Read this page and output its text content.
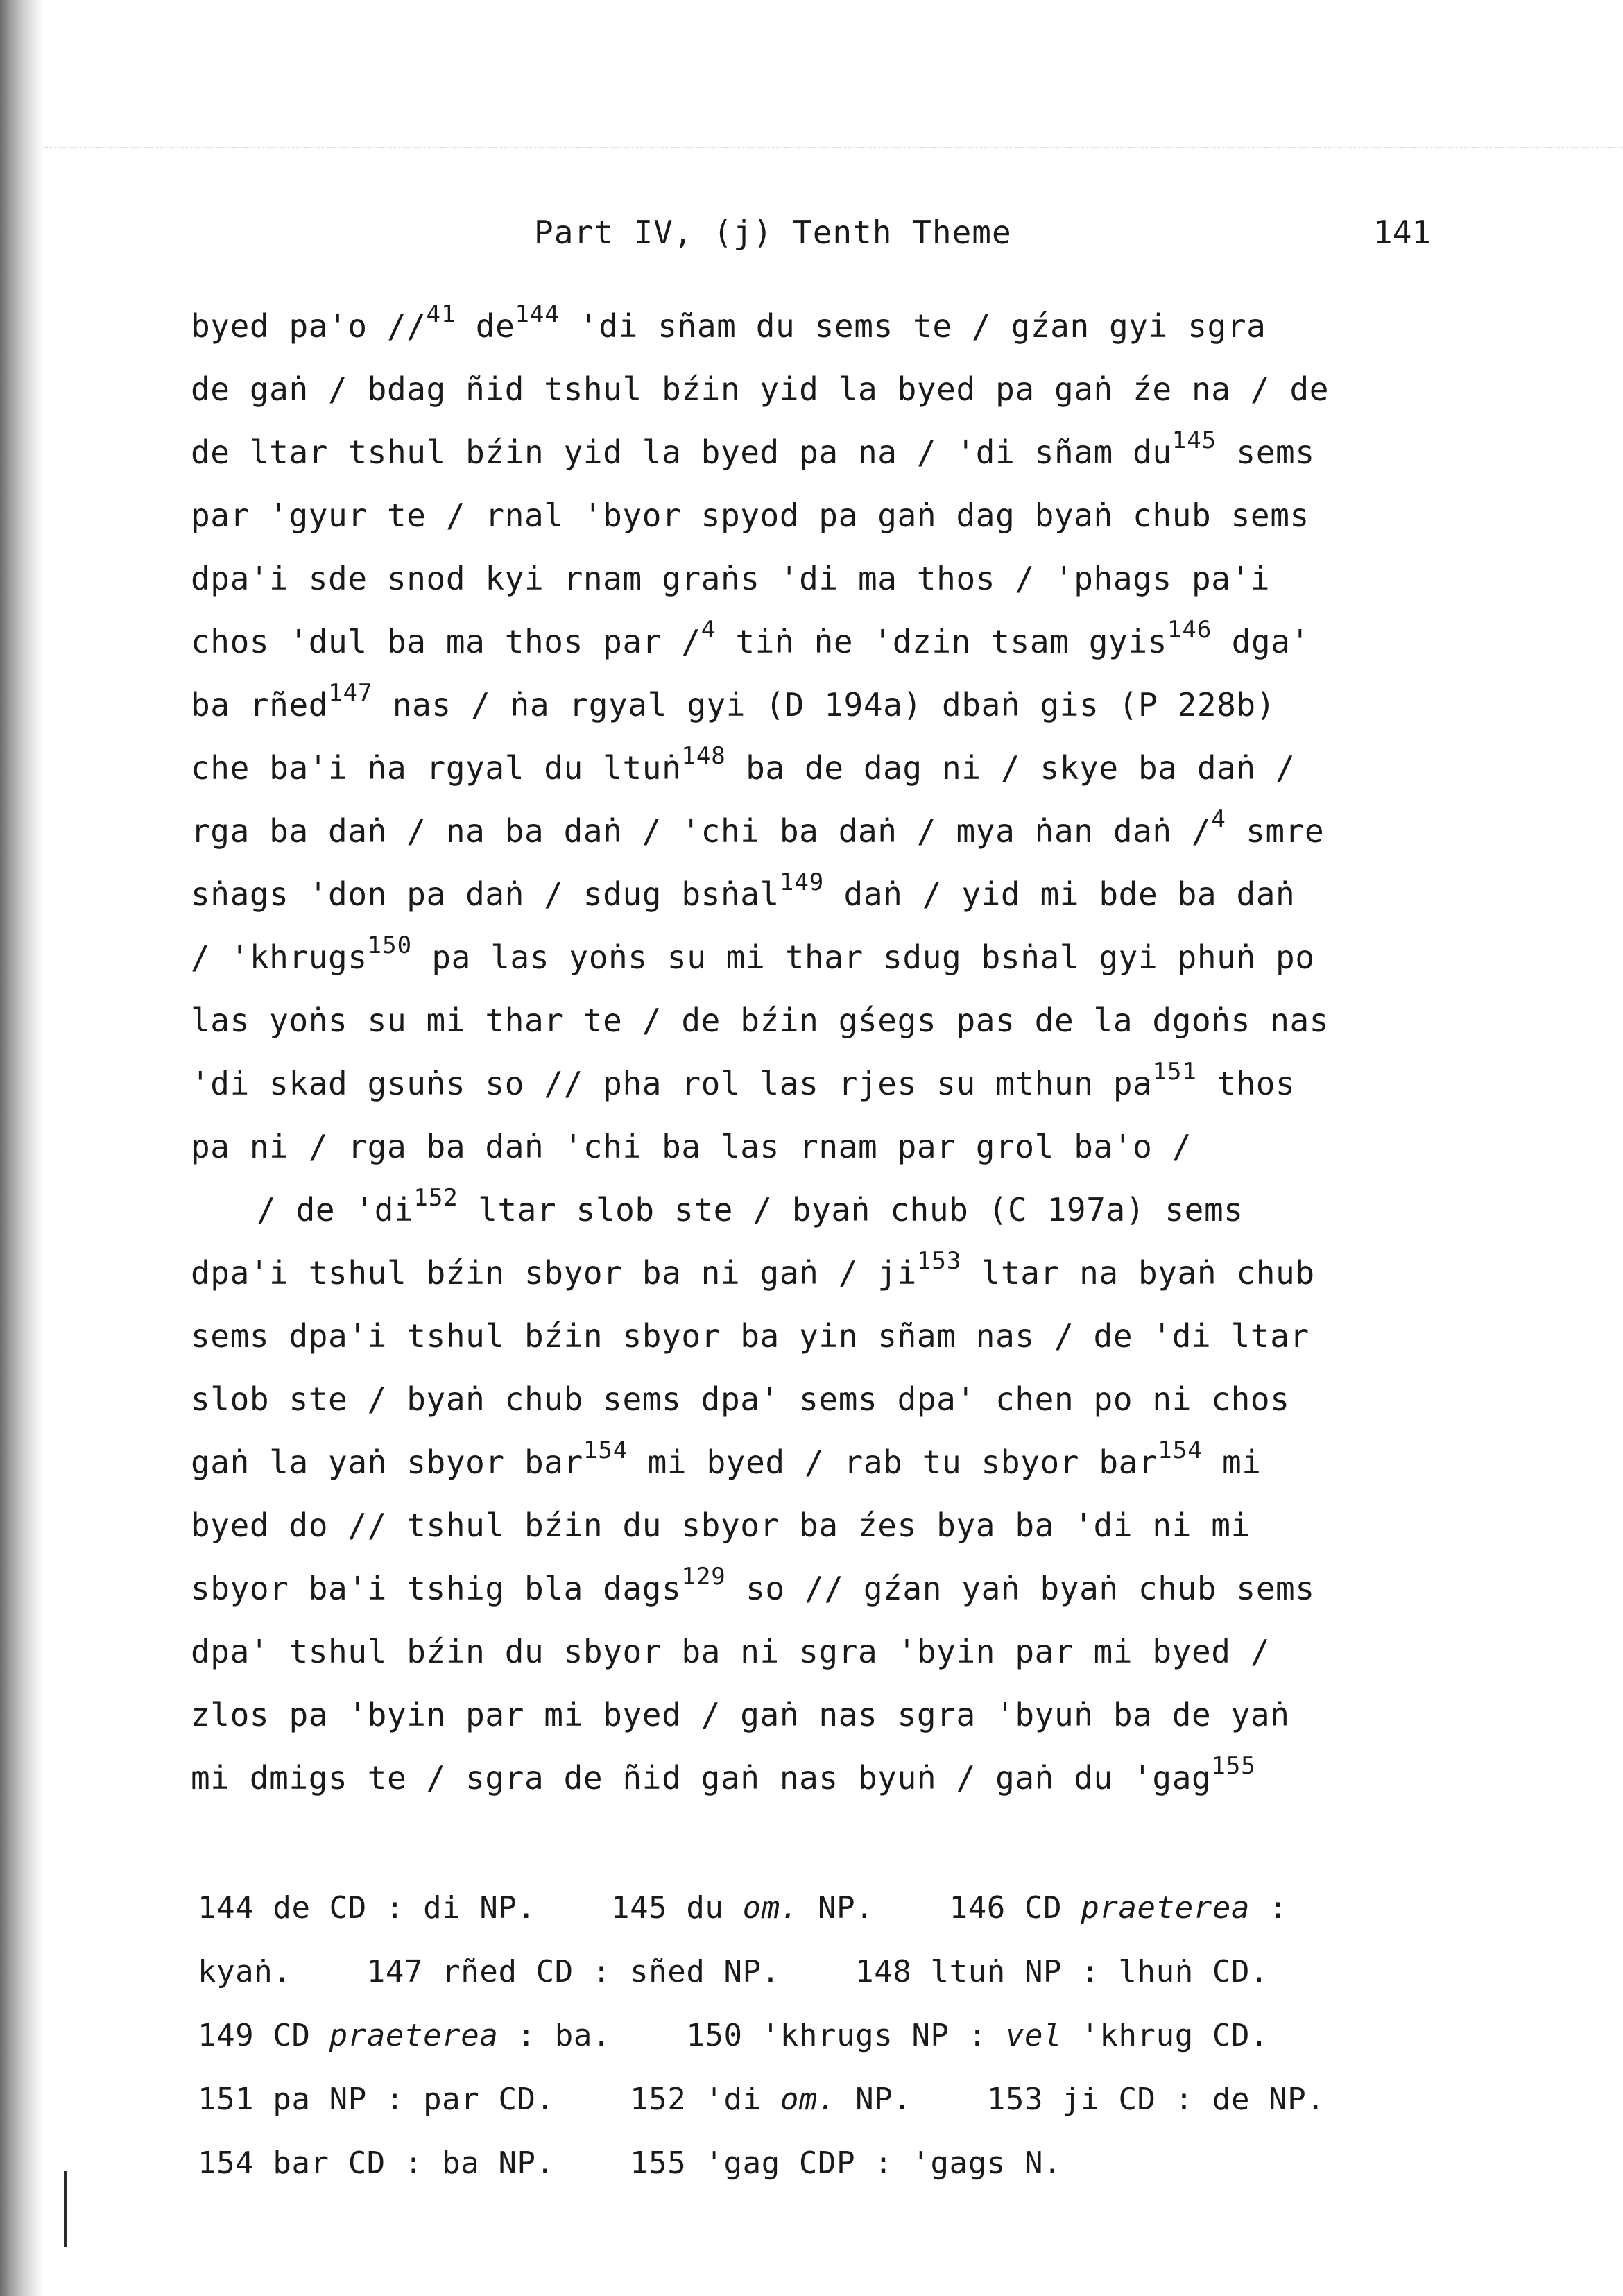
Part IV, (j) Tenth Theme	141
byed pa'o //$^{41}$ $de^{144}$ 'di sñam du sems te / gźan gyi sgra
de gaṅ / bdag ñid tshul bźin yid la byed pa gaṅ źe na / de
de ltar tshul bźin yid la byed pa na / 'di sñam $du^{145}$ sems
par 'gyur te / rnal 'byor spyod pa gaṅ dag byaṅ chub sems
dpa'i sde snod kyi rnam graṅs 'di ma thos / 'phags pa'i
chos 'dul ba ma thos par /$^4$ tiṅ ṅe 'dzin tsam gyis$^{146}$ dga'
ba rñed$^{147}$ nas / ṅa rgyal gyi (D 194a) dbaṅ gis (P 228b)
che ba'i ṅa rgyal du ltuṅ$^{148}$ ba de dag ni / skye ba daṅ /
rga ba daṅ / na ba daṅ / 'chi ba daṅ / mya ṅan daṅ /$^4$ smre
sṅags 'don pa daṅ / sdug bsṅal$^{149}$ daṅ / yid mi bde ba daṅ
/ 'khrugs$^{150}$ pa las yoṅs su mi thar sdug bsṅal gyi phuṅ po
las yoṅs su mi thar te / de bźin gśegs pas de la dgoṅs nas
'di skad gsuṅs so // pha rol las rjes su mthun $pa^{151}$ thos
pa ni / rga ba daṅ 'chi ba las rnam par grol ba'o /
/ de '$di^{152}$ ltar slob ste / byaṅ chub (C 197a) sems
dpa'i tshul bźin sbyor ba ni gaṅ / $ji^{153}$ ltar na byaṅ chub
sems dpa'i tshul bźin sbyor ba yin sñam nas / de 'di ltar
slob ste / byaṅ chub sems dpa' sems dpa' chen po ni chos
gaṅ la yaṅ sbyor bar$^{154}$ mi byed / rab tu sbyor bar$^{154}$ mi
byed do // tshul bźin du sbyor ba źes bya ba 'di ni mi
sbyor ba'i tshig bla dags$^{129}$ so // gźan yaṅ byaṅ chub sems
dpa' tshul bźin du sbyor ba ni sgra 'byin par mi byed /
zlos pa 'byin par mi byed / gaṅ nas sgra 'byuṅ ba de yaṅ
mi dmigs te / sgra de ñid gaṅ nas byuṅ / gaṅ du 'gag$^{155}$
144 de CD : di NP.    145 du om. NP.    146 CD praeterea :
kyaṅ.    147 rñed CD : sñed NP.    148 ltuṅ NP : lhuṅ CD.
149 CD praeterea : ba.    150 'khrugs NP : vel 'khrug CD.
151 pa NP : par CD.    152 'di om. NP.    153 ji CD : de NP.
154 bar CD : ba NP.    155 'gag CDP : 'gags N.
